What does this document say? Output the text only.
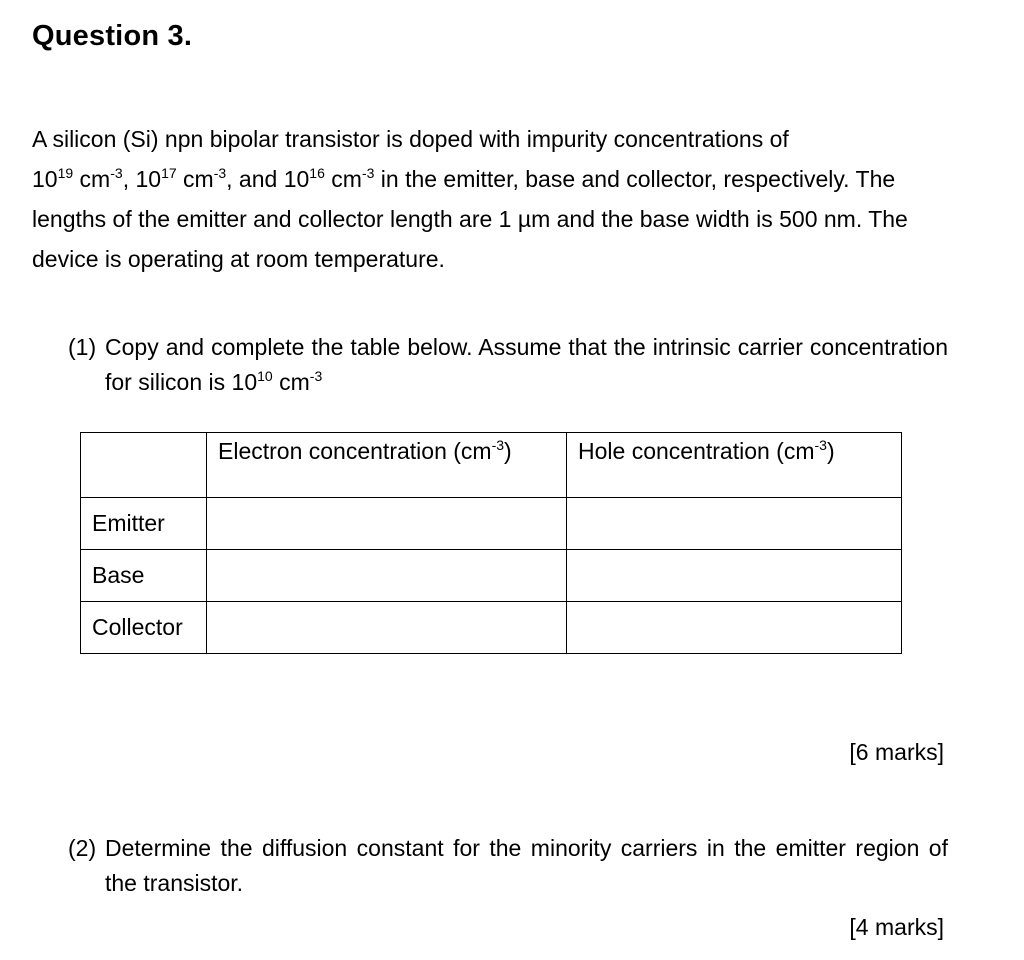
Question 3.

A silicon (Si) npn bipolar transistor is doped with impurity concentrations of
$10^{19}$ $cm^{-3}$, $10^{17}$ $cm^{-3}$, and $10^{16}$ $cm^{-3}$ in the emitter, base and collector, respectively. The lengths of the emitter and collector length are 1 µm and the base width is 500 nm. The device is operating at room temperature.

(1) Copy and complete the table below. Assume that the intrinsic carrier concentration for silicon is $10^{10}$ $cm^{-3}$
	Electron concentration $(cm^{-3})$	Hole concentration $(cm^{-3})$
Emitter		
Base		
Collector		
[6 marks]
(2) Determine the diffusion constant for the minority carriers in the emitter region of the transistor.
[4 marks]
